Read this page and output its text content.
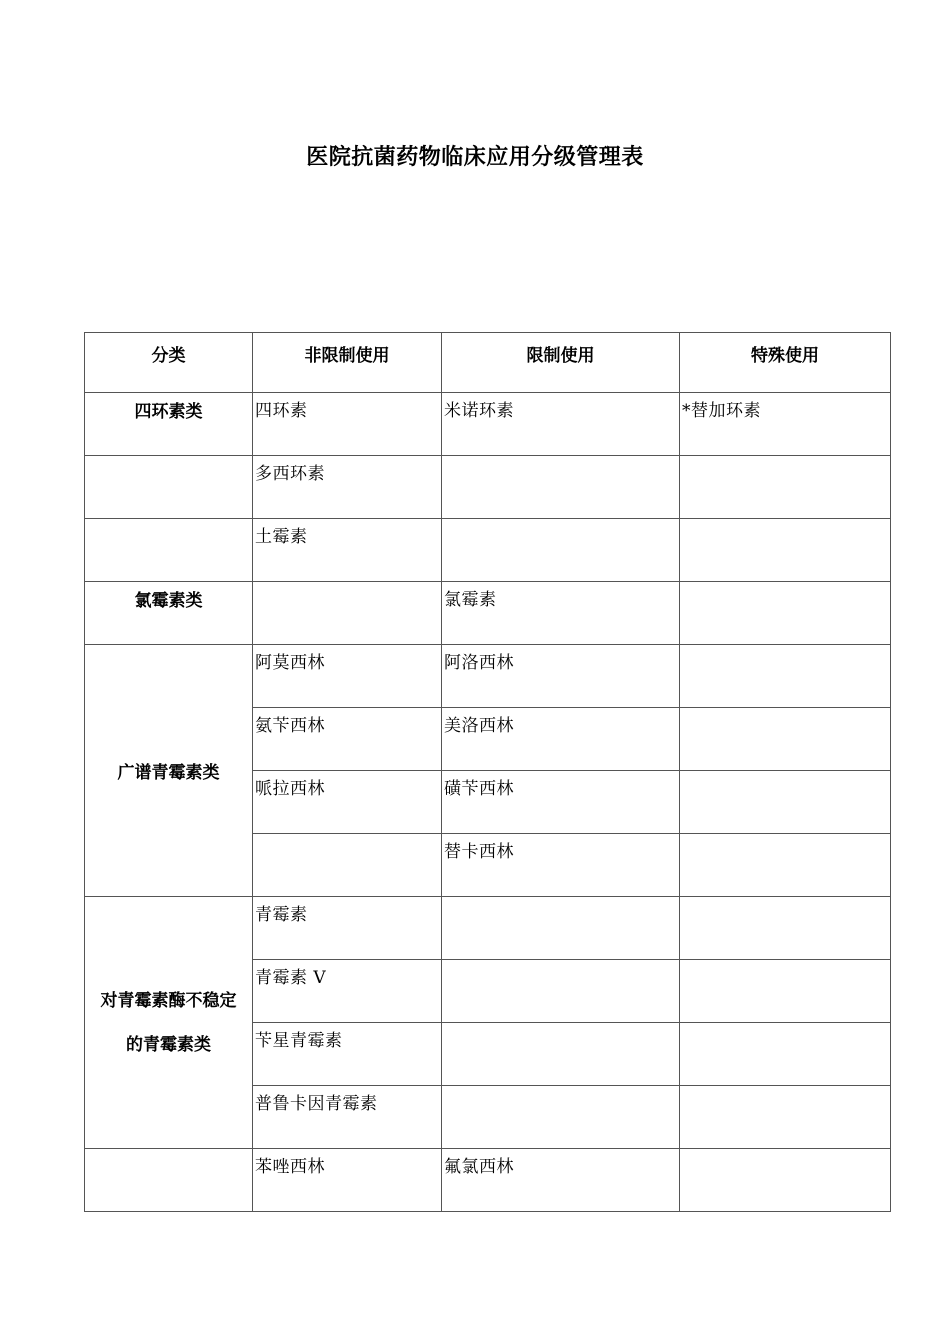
医院抗菌药物临床应用分级管理表
分类	非限制使用	限制使用	特殊使用
四环素类	四环素	米诺环素	*替加环素
	多西环素		
	土霉素		
氯霉素类		氯霉素	
广谱青霉素类	阿莫西林	阿洛西林	
	氨苄西林	美洛西林	
	哌拉西林	磺苄西林	
		替卡西林	

对青霉素酶不稳定
的青霉素类	青霉素		
	青霉素 V		
	苄星青霉素		
	普鲁卡因青霉素		
	苯唑西林	氟氯西林	
